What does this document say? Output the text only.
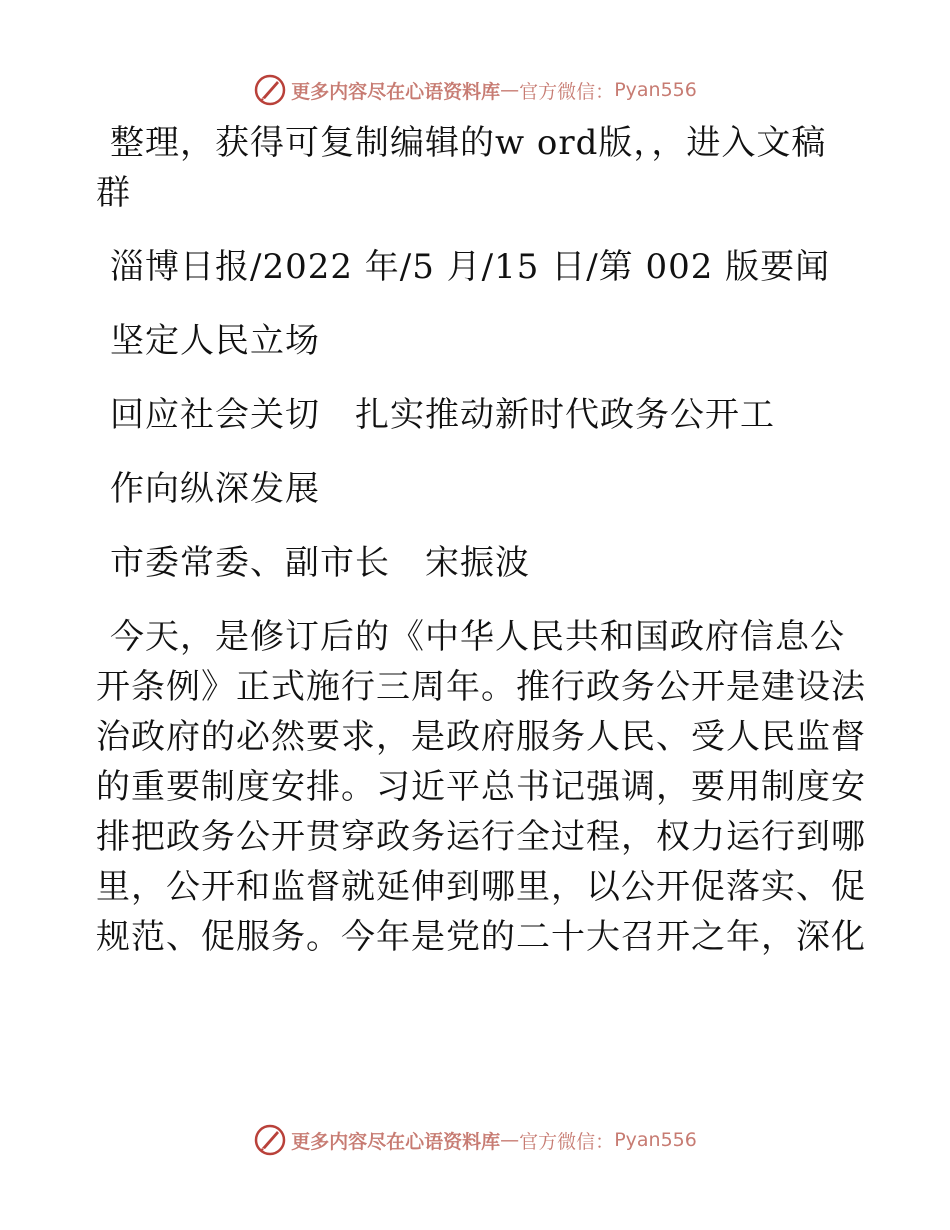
更多内容尽在心语资料库 — 官方微信： Pyan556

整理，获得可复制编辑的w ord版，，进入文稿

群

淄博日报/2022 年/5 月/15 日/第 002 版要闻

坚定人民立场

回应社会关切　扎实推动新时代政务公开工

作向纵深发展

市委常委、副市长　宋振波

今天，是修订后的《中华人民共和国政府信息公

开条例》正式施行三周年。推行政务公开是建设法

治政府的必然要求，是政府服务人民、受人民监督

的重要制度安排。习近平总书记强调，要用制度安

排把政务公开贯穿政务运行全过程，权力运行到哪

里，公开和监督就延伸到哪里，以公开促落实、促

规范、促服务。今年是党的二十大召开之年，深化

更多内容尽在心语资料库 — 官方微信： Pyan556
